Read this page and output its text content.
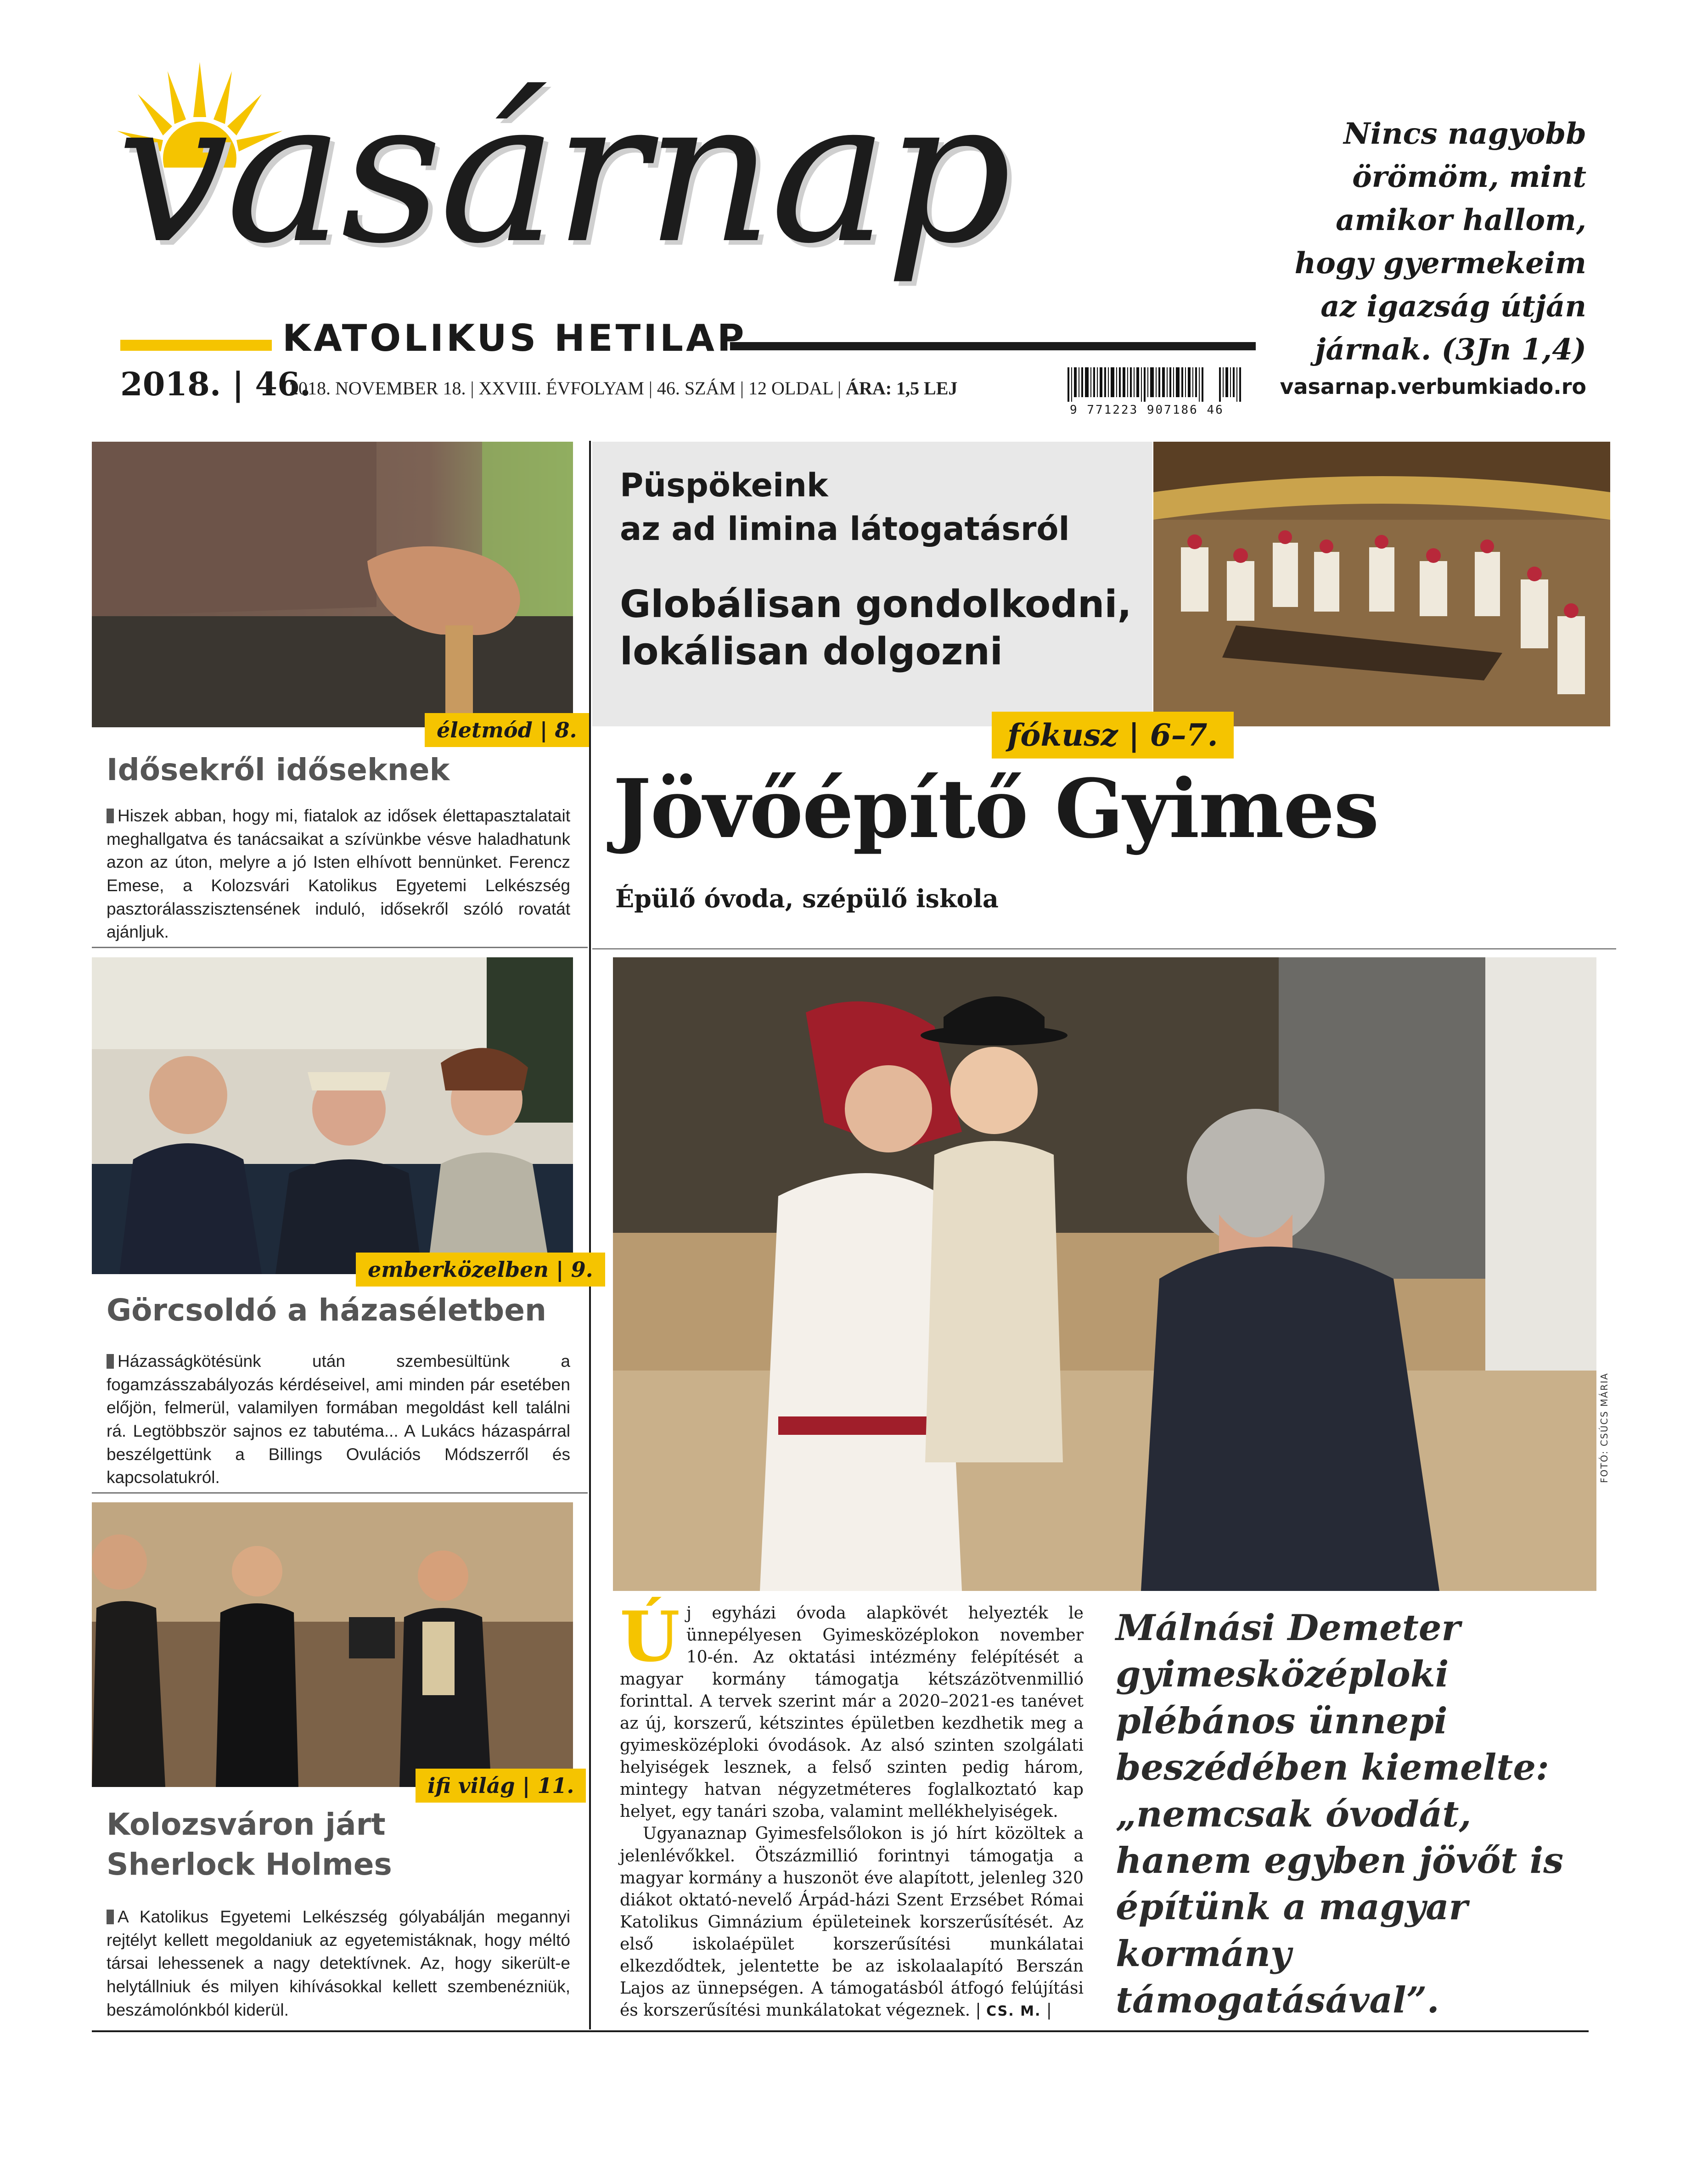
vasárnap
KATOLIKUS HETILAP
2018. | 46.
2018. NOVEMBER 18. | XXVIII. ÉVFOLYAM | 46. SZÁM | 12 OLDAL | ÁRA: 1,5 LEJ
9 771223 907186 46
Nincs nagyobb örömöm, mint amikor hallom, hogy gyermekeim az igazság útján járnak. (3Jn 1,4)
vasarnap.verbumkiado.ro
életmód | 8.
Idősekről időseknek
Hiszek abban, hogy mi, fiatalok az idősek élettapasztalatait meghallgatva és tanácsaikat a szívünkbe vésve haladhatunk azon az úton, melyre a jó Isten elhívott bennünket. Ferencz Emese, a Kolozsvári Katolikus Egyetemi Lelkészség pasztorálasszisztensének induló, idősekről szóló rovatát ajánljuk.
emberközelben | 9.
Görcsoldó a házaséletben
Házasságkötésünk után szembesültünk a fogamzásszabályozás kérdéseivel, ami minden pár esetében előjön, felmerül, valamilyen formában megoldást kell találni rá. Legtöbbször sajnos ez tabutéma... A Lukács házaspárral beszélgettünk a Billings Ovulációs Módszerről és kapcsolatukról.
ifi világ | 11.
Kolozsváron járt
Sherlock Holmes
A Katolikus Egyetemi Lelkészség gólyabálján megannyi rejtélyt kellett megoldaniuk az egyetemistáknak, hogy méltó társai lehessenek a nagy detektívnek. Az, hogy sikerült-e helytállniuk és milyen kihívásokkal kellett szembenézniük, beszámolónkból kiderül.
Püspökeink
az ad limina látogatásról
Globálisan gondolkodni,
lokálisan dolgozni
fókusz | 6–7.
Jövőépítő Gyimes
Épülő óvoda, szépülő iskola
FOTÓ: CSÚCS MÁRIA

Új egyházi óvoda alapkövét helyezték le ünnepélyesen Gyimesközéplokon november 10-én. Az oktatási intézmény felépítését a magyar kormány támogatja kétszázötvenmillió forinttal. A tervek szerint már a 2020–2021-es tanévet az új, korszerű, kétszintes épületben kezdhetik meg a gyimesközéploki óvodások. Az alsó szinten szolgálati helyiségek lesznek, a felső szinten pedig három, mintegy hatvan négyzetméteres foglalkoztató kap helyet, egy tanári szoba, valamint mellékhelyiségek.

Ugyanaznap Gyimesfelsőlokon is jó hírt közöltek a jelenlévőkkel. Ötszázmillió forintnyi támogatja a magyar kormány a huszonöt éve alapított, jelenleg 320 diákot oktató-nevelő Árpád-házi Szent Erzsébet Római Katolikus Gimnázium épületeinek korszerűsítését. Az első iskolaépület korszerűsítési munkálatai elkezdődtek, jelentette be az iskolaalapító Berszán Lajos az ünnepségen. A támogatásból átfogó felújítási és korszerűsítési munkálatokat végeznek. | CS. M. |

Málnási Demeter gyimesközéploki plébános ünnepi beszédében kiemelte: „nemcsak óvodát, hanem egyben jövőt is építünk a magyar kormány támogatásával”.
